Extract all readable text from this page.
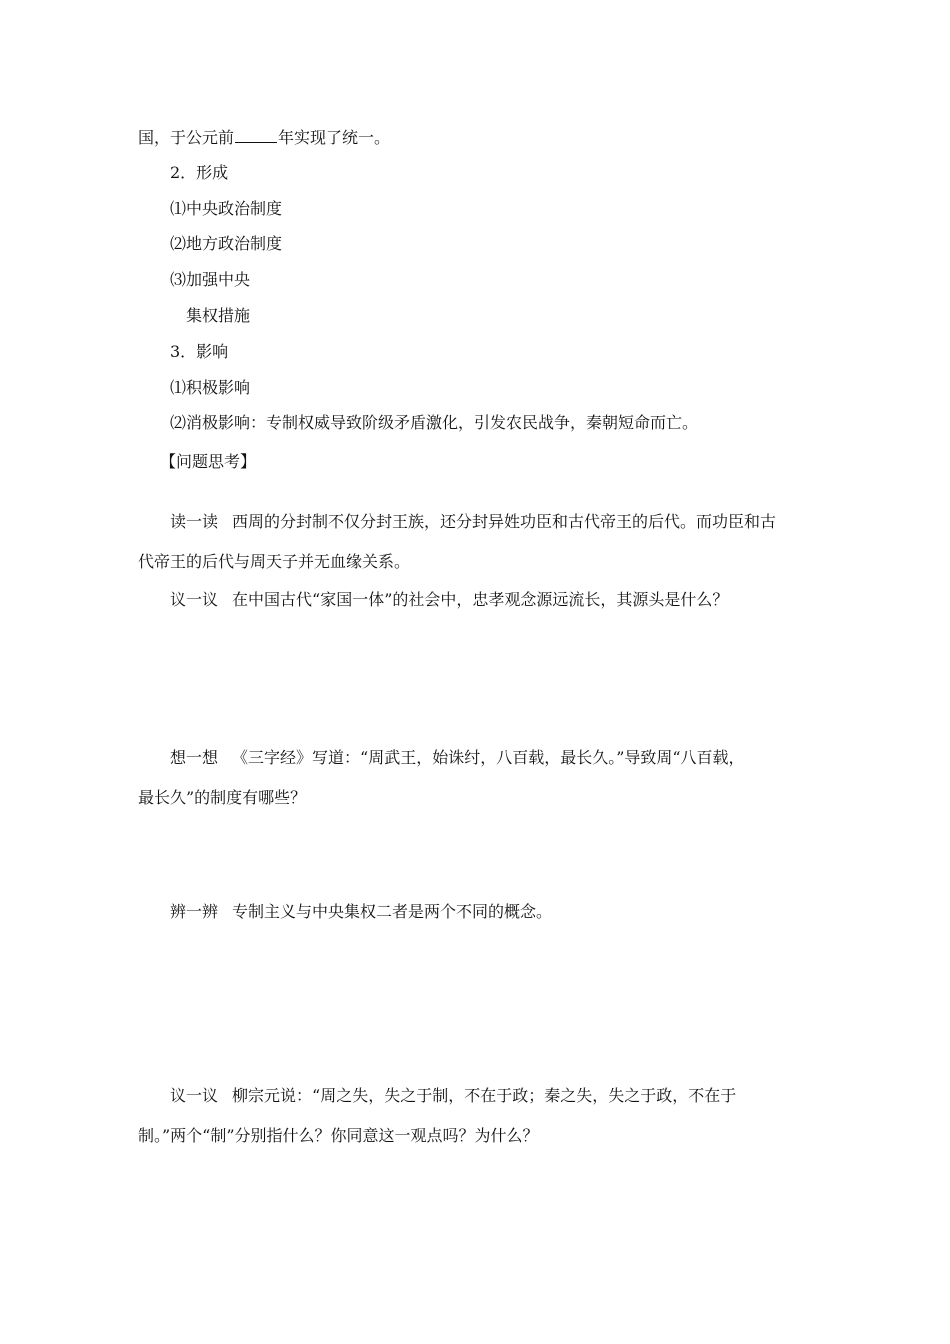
国，于公元前	年实现了统一。

2．形成

⑴中央政治制度

⑵地方政治制度

⑶加强中央

集权措施

3．影响

⑴积极影响

⑵消极影响：专制权威导致阶级矛盾激化，引发农民战争，秦朝短命而亡。

【问题思考】

读一读 西周的分封制不仅分封王族，还分封异姓功臣和古代帝王的后代。而功臣和古

代帝王的后代与周天子并无血缘关系。

议一议 在中国古代“家国一体”的社会中，忠孝观念源远流长，其源头是什么？

想一想 《三字经》写道：“周武王，始诛纣，八百载，最长久。”导致周“八百载，

最长久”的制度有哪些？

辨一辨 专制主义与中央集权二者是两个不同的概念。

议一议 柳宗元说：“周之失，失之于制，不在于政；秦之失，失之于政，不在于

制。”两个“制”分别指什么？你同意这一观点吗？为什么？
